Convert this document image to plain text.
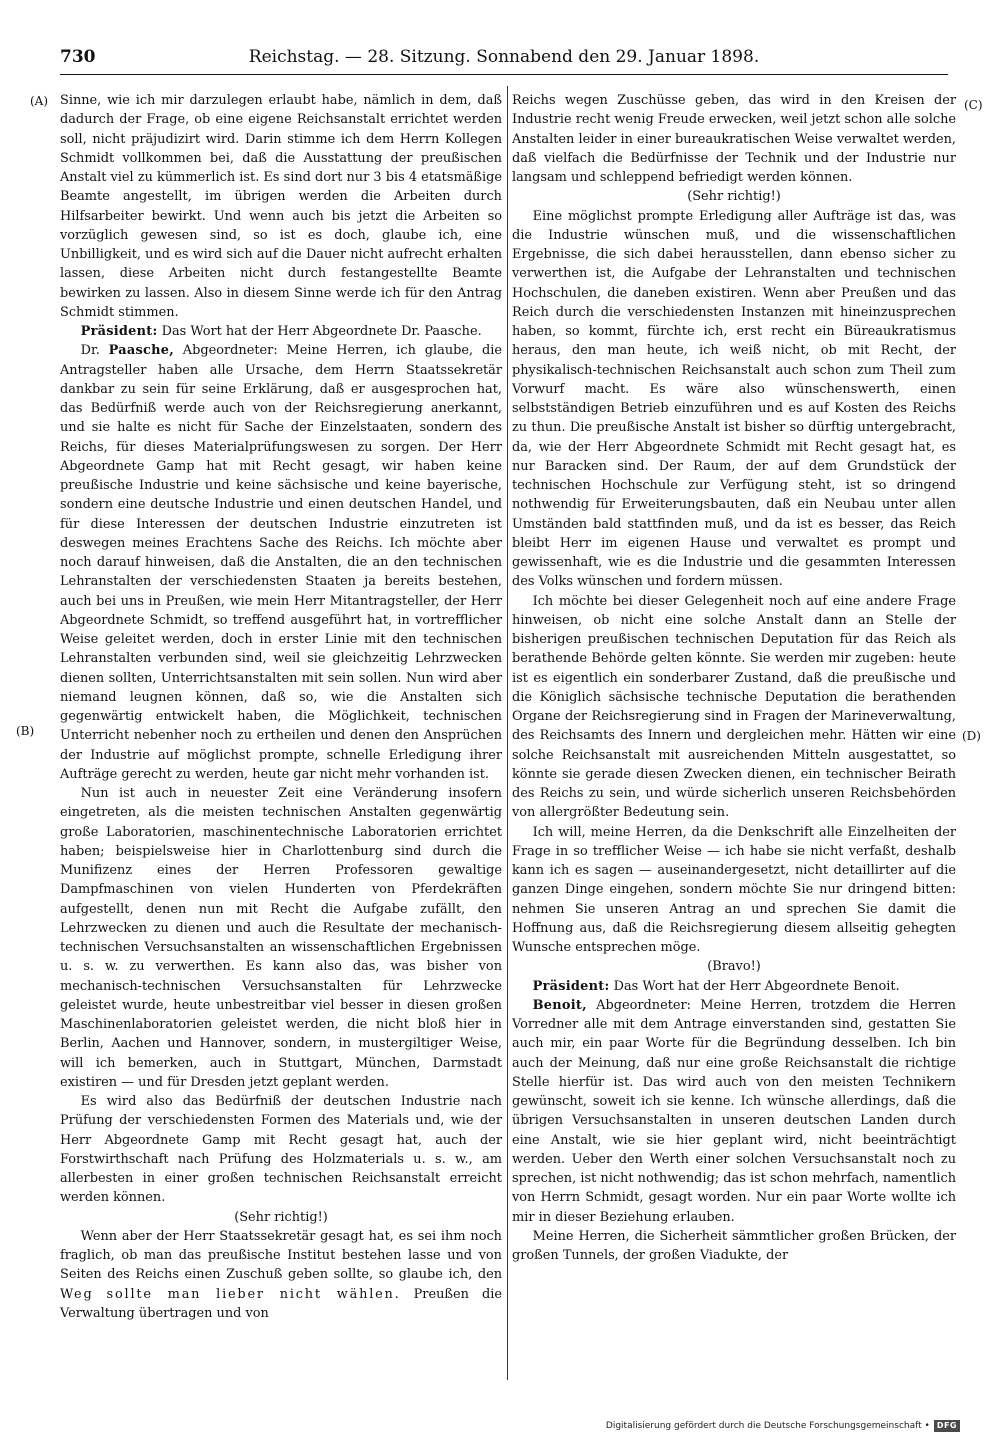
730	Reichstag. — 28. Sitzung. Sonnabend den 29. Januar 1898.
(A)
(B)
(C)
(D)

Sinne, wie ich mir darzulegen erlaubt habe, nämlich in dem, daß dadurch der Frage, ob eine eigene Reichsanstalt errichtet werden soll, nicht präjudizirt wird. Darin stimme ich dem Herrn Kollegen Schmidt vollkommen bei, daß die Ausstattung der preußischen Anstalt viel zu kümmerlich ist. Es sind dort nur 3 bis 4 etatsmäßige Beamte angestellt, im übrigen werden die Arbeiten durch Hilfsarbeiter bewirkt. Und wenn auch bis jetzt die Arbeiten so vorzüglich gewesen sind, so ist es doch, glaube ich, eine Unbilligkeit, und es wird sich auf die Dauer nicht aufrecht erhalten lassen, diese Arbeiten nicht durch festangestellte Beamte bewirken zu lassen. Also in diesem Sinne werde ich für den Antrag Schmidt stimmen.

Präsident: Das Wort hat der Herr Abgeordnete Dr. Paasche.

Dr. Paasche, Abgeordneter: Meine Herren, ich glaube, die Antragsteller haben alle Ursache, dem Herrn Staatssekretär dankbar zu sein für seine Erklärung, daß er ausgesprochen hat, das Bedürfniß werde auch von der Reichsregierung anerkannt, und sie halte es nicht für Sache der Einzelstaaten, sondern des Reichs, für dieses Materialprüfungswesen zu sorgen. Der Herr Abgeordnete Gamp hat mit Recht gesagt, wir haben keine preußische Industrie und keine sächsische und keine bayerische, sondern eine deutsche Industrie und einen deutschen Handel, und für diese Interessen der deutschen Industrie einzutreten ist deswegen meines Erachtens Sache des Reichs. Ich möchte aber noch darauf hinweisen, daß die Anstalten, die an den technischen Lehranstalten der verschiedensten Staaten ja bereits bestehen, auch bei uns in Preußen, wie mein Herr Mitantragsteller, der Herr Abgeordnete Schmidt, so treffend ausgeführt hat, in vortrefflicher Weise geleitet werden, doch in erster Linie mit den technischen Lehranstalten verbunden sind, weil sie gleichzeitig Lehrzwecken dienen sollten, Unterrichtsanstalten mit sein sollen. Nun wird aber niemand leugnen können, daß so, wie die Anstalten sich gegenwärtig entwickelt haben, die Möglichkeit, technischen Unterricht nebenher noch zu ertheilen und denen den Ansprüchen der Industrie auf möglichst prompte, schnelle Erledigung ihrer Aufträge gerecht zu werden, heute gar nicht mehr vorhanden ist.

Nun ist auch in neuester Zeit eine Veränderung insofern eingetreten, als die meisten technischen Anstalten gegenwärtig große Laboratorien, maschinentechnische Laboratorien errichtet haben; beispielsweise hier in Charlottenburg sind durch die Munifizenz eines der Herren Professoren gewaltige Dampfmaschinen von vielen Hunderten von Pferdekräften aufgestellt, denen nun mit Recht die Aufgabe zufällt, den Lehrzwecken zu dienen und auch die Resultate der mechanisch-technischen Versuchsanstalten an wissenschaftlichen Ergebnissen u. s. w. zu verwerthen. Es kann also das, was bisher von mechanisch-technischen Versuchsanstalten für Lehrzwecke geleistet wurde, heute unbestreitbar viel besser in diesen großen Maschinenlaboratorien geleistet werden, die nicht bloß hier in Berlin, Aachen und Hannover, sondern, in mustergiltiger Weise, will ich bemerken, auch in Stuttgart, München, Darmstadt existiren — und für Dresden jetzt geplant werden.

Es wird also das Bedürfniß der deutschen Industrie nach Prüfung der verschiedensten Formen des Materials und, wie der Herr Abgeordnete Gamp mit Recht gesagt hat, auch der Forstwirthschaft nach Prüfung des Holzmaterials u. s. w., am allerbesten in einer großen technischen Reichsanstalt erreicht werden können.

(Sehr richtig!)

Wenn aber der Herr Staatssekretär gesagt hat, es sei ihm noch fraglich, ob man das preußische Institut bestehen lasse und von Seiten des Reichs einen Zuschuß geben sollte, so glaube ich, den Weg sollte man lieber nicht wählen. Preußen die Verwaltung übertragen und von

Reichs wegen Zuschüsse geben, das wird in den Kreisen der Industrie recht wenig Freude erwecken, weil jetzt schon alle solche Anstalten leider in einer bureaukratischen Weise verwaltet werden, daß vielfach die Bedürfnisse der Technik und der Industrie nur langsam und schleppend befriedigt werden können.

(Sehr richtig!)

Eine möglichst prompte Erledigung aller Aufträge ist das, was die Industrie wünschen muß, und die wissenschaftlichen Ergebnisse, die sich dabei herausstellen, dann ebenso sicher zu verwerthen ist, die Aufgabe der Lehranstalten und technischen Hochschulen, die daneben existiren. Wenn aber Preußen und das Reich durch die verschiedensten Instanzen mit hineinzusprechen haben, so kommt, fürchte ich, erst recht ein Büreaukratismus heraus, den man heute, ich weiß nicht, ob mit Recht, der physikalisch-technischen Reichsanstalt auch schon zum Theil zum Vorwurf macht. Es wäre also wünschenswerth, einen selbstständigen Betrieb einzuführen und es auf Kosten des Reichs zu thun. Die preußische Anstalt ist bisher so dürftig untergebracht, da, wie der Herr Abgeordnete Schmidt mit Recht gesagt hat, es nur Baracken sind. Der Raum, der auf dem Grundstück der technischen Hochschule zur Verfügung steht, ist so dringend nothwendig für Erweiterungsbauten, daß ein Neubau unter allen Umständen bald stattfinden muß, und da ist es besser, das Reich bleibt Herr im eigenen Hause und verwaltet es prompt und gewissenhaft, wie es die Industrie und die gesammten Interessen des Volks wünschen und fordern müssen.

Ich möchte bei dieser Gelegenheit noch auf eine andere Frage hinweisen, ob nicht eine solche Anstalt dann an Stelle der bisherigen preußischen technischen Deputation für das Reich als berathende Behörde gelten könnte. Sie werden mir zugeben: heute ist es eigentlich ein sonderbarer Zustand, daß die preußische und die Königlich sächsische technische Deputation die berathenden Organe der Reichsregierung sind in Fragen der Marineverwaltung, des Reichsamts des Innern und dergleichen mehr. Hätten wir eine solche Reichsanstalt mit ausreichenden Mitteln ausgestattet, so könnte sie gerade diesen Zwecken dienen, ein technischer Beirath des Reichs zu sein, und würde sicherlich unseren Reichsbehörden von allergrößter Bedeutung sein.

Ich will, meine Herren, da die Denkschrift alle Einzelheiten der Frage in so trefflicher Weise — ich habe sie nicht verfaßt, deshalb kann ich es sagen — auseinandergesetzt, nicht detaillirter auf die ganzen Dinge eingehen, sondern möchte Sie nur dringend bitten: nehmen Sie unseren Antrag an und sprechen Sie damit die Hoffnung aus, daß die Reichsregierung diesem allseitig gehegten Wunsche entsprechen möge.

(Bravo!)

Präsident: Das Wort hat der Herr Abgeordnete Benoit.

Benoit, Abgeordneter: Meine Herren, trotzdem die Herren Vorredner alle mit dem Antrage einverstanden sind, gestatten Sie auch mir, ein paar Worte für die Begründung desselben. Ich bin auch der Meinung, daß nur eine große Reichsanstalt die richtige Stelle hierfür ist. Das wird auch von den meisten Technikern gewünscht, soweit ich sie kenne. Ich wünsche allerdings, daß die übrigen Versuchsanstalten in unseren deutschen Landen durch eine Anstalt, wie sie hier geplant wird, nicht beeinträchtigt werden. Ueber den Werth einer solchen Versuchsanstalt noch zu sprechen, ist nicht nothwendig; das ist schon mehrfach, namentlich von Herrn Schmidt, gesagt worden. Nur ein paar Worte wollte ich mir in dieser Beziehung erlauben.

Meine Herren, die Sicherheit sämmtlicher großen Brücken, der großen Tunnels, der großen Viadukte, der

Digitalisierung gefördert durch die Deutsche Forschungsgemeinschaft • DFG
